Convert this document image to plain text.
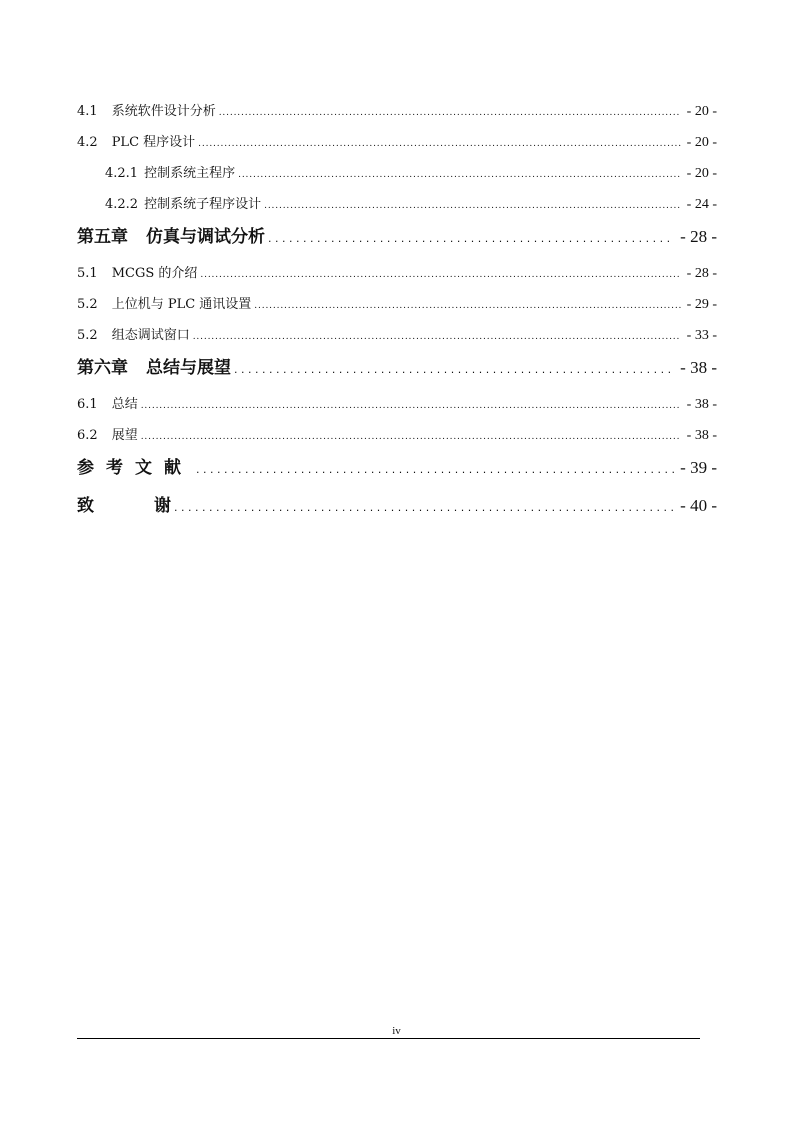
4.1 系统软件设计分析 . . .	- 20 -
4.2 PLC 程序设计 . . .	- 20 -
4.2.1 控制系统主程序 . . .	- 20 -
4.2.2 控制系统子程序设计 . . .	- 24 -
第五章 仿真与调试分析 . . .	- 28 -
5.1 MCGS 的介绍 . . .	- 28 -
5.2 上位机与 PLC 通讯设置 . . .	- 29 -
5.2 组态调试窗口 . . .	- 33 -
第六章 总结与展望 . . .	- 38 -
6.1 总结 . . .	- 38 -
6.2 展望 . . .	- 38 -
参考文献 . . .	- 39 -
致	谢 . . .	- 40 -
iv
